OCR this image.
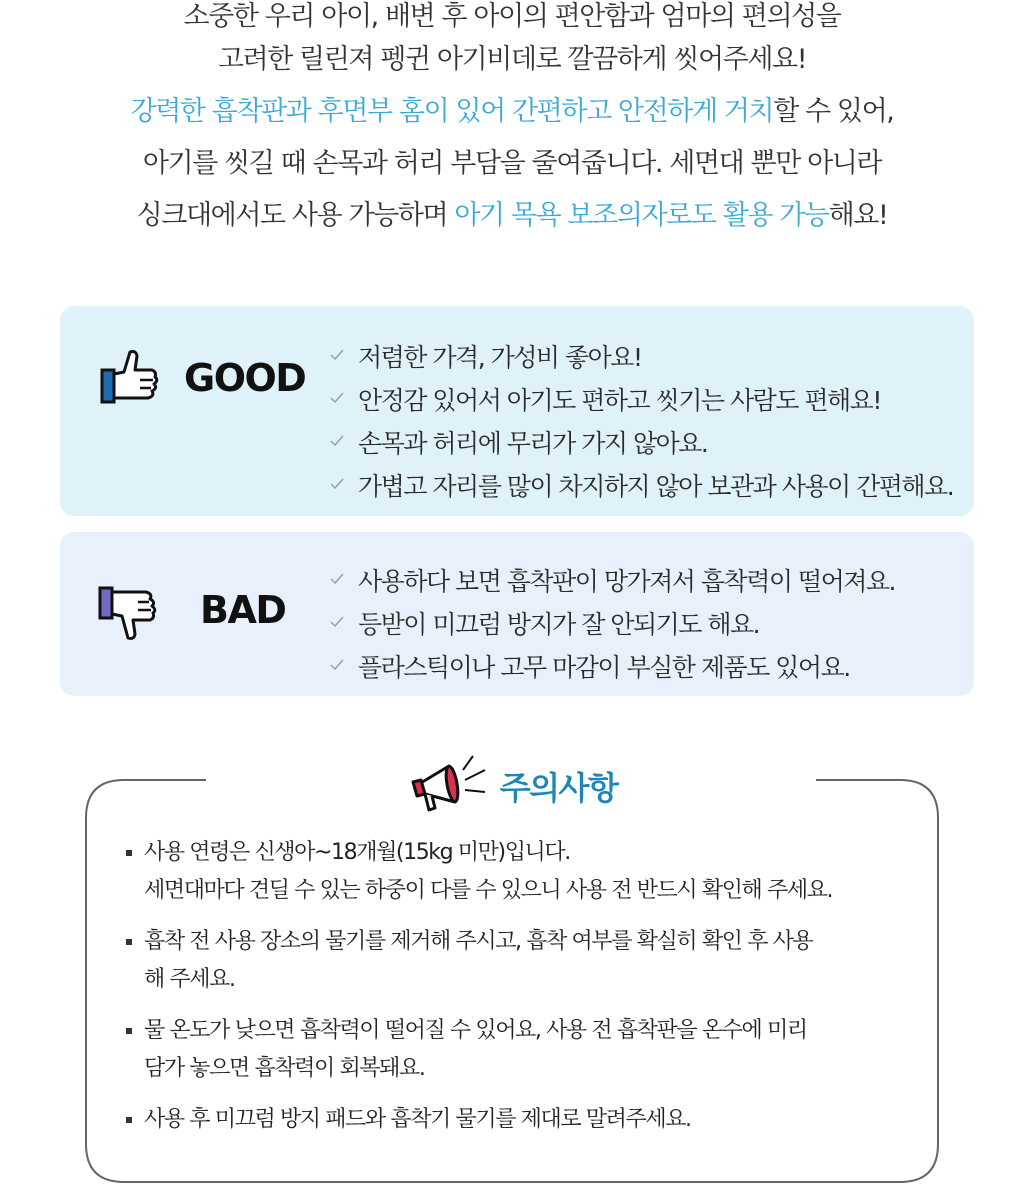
소중한 우리 아이, 배변 후 아이의 편안함과 엄마의 편의성을
고려한 릴린져 펭귄 아기비데로 깔끔하게 씻어주세요!
강력한 흡착판과 후면부 홈이 있어 간편하고 안전하게 거치할 수 있어,
아기를 씻길 때 손목과 허리 부담을 줄여줍니다. 세면대 뿐만 아니라
싱크대에서도 사용 가능하며 아기 목욕 보조의자로도 활용 가능해요!
GOOD	저렴한 가격, 가성비 좋아요!
안정감 있어서 아기도 편하고 씻기는 사람도 편해요!
손목과 허리에 무리가 가지 않아요.
가볍고 자리를 많이 차지하지 않아 보관과 사용이 간편해요.
BAD
사용하다 보면 흡착판이 망가져서 흡착력이 떨어져요.
등받이 미끄럼 방지가 잘 안되기도 해요.
플라스틱이나 고무 마감이 부실한 제품도 있어요.
주의사항
사용 연령은 신생아~18개월(15kg 미만)입니다.
세면대마다 견딜 수 있는 하중이 다를 수 있으니 사용 전 반드시 확인해 주세요.
흡착 전 사용 장소의 물기를 제거해 주시고, 흡착 여부를 확실히 확인 후 사용
해 주세요.
물 온도가 낮으면 흡착력이 떨어질 수 있어요, 사용 전 흡착판을 온수에 미리
담가 놓으면 흡착력이 회복돼요.
사용 후 미끄럼 방지 패드와 흡착기 물기를 제대로 말려주세요.
